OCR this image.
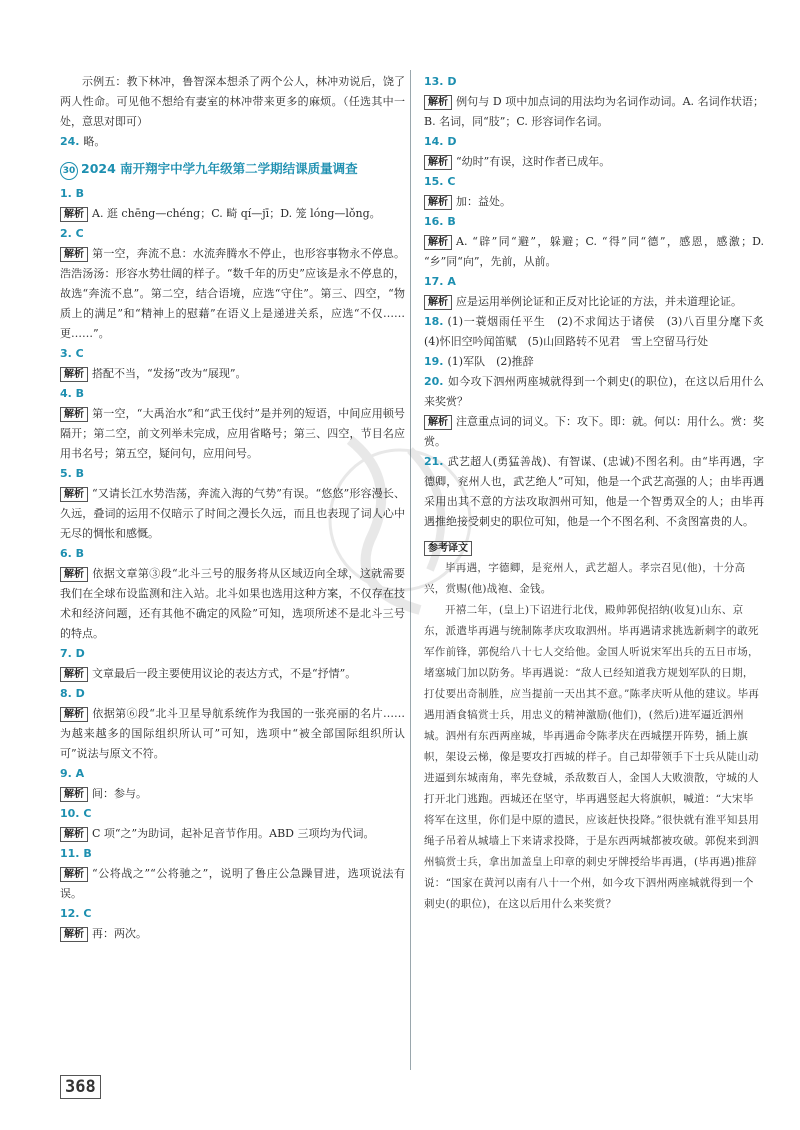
示例五：教下林冲，鲁智深本想杀了两个公人，林冲劝说后，饶了两人性命。可见他不想给有妻室的林冲带来更多的麻烦。（任选其中一处，意思对即可）

24. 略。

30 2024 南开翔宇中学九年级第二学期结课质量调查

1. B

解析 A. 逛 chēng—chéng；C. 畸 qí—jī；D. 笼 lóng—lǒng。

2. C

解析 第一空，奔流不息：水流奔腾水不停止，也形容事物永不停息。浩浩汤汤：形容水势壮阔的样子。“数千年的历史”应该是永不停息的，故选“奔流不息”。第二空，结合语境，应选“守住”。第三、四空，“物质上的满足”和“精神上的慰藉”在语义上是递进关系，应选“不仅……更……”。

3. C

解析 搭配不当，“发扬”改为“展现”。

4. B

解析 第一空，“大禹治水”和“武王伐纣”是并列的短语，中间应用顿号隔开；第二空，前文列举未完成，应用省略号；第三、四空，节目名应用书名号；第五空，疑问句，应用问号。

5. B

解析 “又请长江水势浩荡，奔流入海的气势”有误。“悠悠”形容漫长、久远，叠词的运用不仅暗示了时间之漫长久远，而且也表现了词人心中无尽的惆怅和感慨。

6. B

解析 依据文章第③段“北斗三号的服务将从区域迈向全球，这就需要我们在全球布设监测和注入站。北斗如果也选用这种方案，不仅存在技术和经济问题，还有其他不确定的风险”可知，选项所述不是北斗三号的特点。

7. D

解析 文章最后一段主要使用议论的表达方式，不是“抒情”。

8. D

解析 依据第⑥段“北斗卫星导航系统作为我国的一张亮丽的名片……为越来越多的国际组织所认可”可知，选项中“被全部国际组织所认可”说法与原文不符。

9. A

解析 间：参与。

10. C

解析 C 项“之”为助词，起补足音节作用。ABD 三项均为代词。

11. B

解析 “公将战之”“公将驰之”，说明了鲁庄公急躁冒进，选项说法有误。

12. C

解析 再：两次。

13. D

解析 例句与 D 项中加点词的用法均为名词作动词。A. 名词作状语；B. 名词，同“肢”；C. 形容词作名词。

14. D

解析 “幼时”有误，这时作者已成年。

15. C

解析 加：益处。

16. B

解析 A. “辟”同“避”，躲避；C. “得”同“德”，感恩，感激；D. “乡”同“向”，先前，从前。

17. A

解析 应是运用举例论证和正反对比论证的方法，并未道理论证。

18. (1)一蓑烟雨任平生　(2)不求闻达于诸侯　(3)八百里分麾下炙　(4)怀旧空吟闻笛赋　(5)山回路转不见君　雪上空留马行处

19. (1)军队　(2)推辞

20. 如今攻下泗州两座城就得到一个刺史(的职位)，在这以后用什么来奖赏？

解析 注意重点词的词义。下：攻下。即：就。何以：用什么。赏：奖赏。

21. 武艺超人(勇猛善战)、有智谋、(忠诚)不图名利。由“毕再遇，字德卿，兖州人也，武艺绝人”可知，他是一个武艺高强的人；由毕再遇采用出其不意的方法攻取泗州可知，他是一个智勇双全的人；由毕再遇推绝接受刺史的职位可知，他是一个不图名利、不贪图富贵的人。

参考译文

毕再遇，字德卿，是兖州人，武艺超人。孝宗召见(他)，十分高兴，赏赐(他)战袍、金钱。

开禧二年，(皇上)下诏进行北伐，殿帅郭倪招纳(收复)山东、京东，派遣毕再遇与统制陈孝庆攻取泗州。毕再遇请求挑选新刺字的敢死军作前锋，郭倪给八十七人交给他。金国人听说宋军出兵的五日市场，堵塞城门加以防务。毕再遇说：“敌人已经知道我方规划军队的日期，打仗要出奇制胜，应当提前一天出其不意。”陈孝庆听从他的建议。毕再遇用酒食犒赏士兵，用忠义的精神激励(他们)，(然后)进军逼近泗州城。泗州有东西两座城，毕再遇命令陈孝庆在西城摆开阵势，插上旗帜，架设云梯，像是要攻打西城的样子。自己却带领手下士兵从陡山动进逼到东城南角，率先登城，杀敌数百人，金国人大败溃散，守城的人打开北门逃跑。西城还在坚守，毕再遇竖起大将旗帜，喊道：“大宋毕将军在这里，你们是中原的遗民，应该赶快投降。”很快就有淮平知县用绳子吊着从城墙上下来请求投降，于是东西两城都被攻破。郭倪来到泗州犒赏士兵，拿出加盖皇上印章的刺史牙牌授给毕再遇，(毕再遇)推辞说：“国家在黄河以南有八十一个州，如今攻下泗州两座城就得到一个刺史(的职位)，在这以后用什么来奖赏？

368
